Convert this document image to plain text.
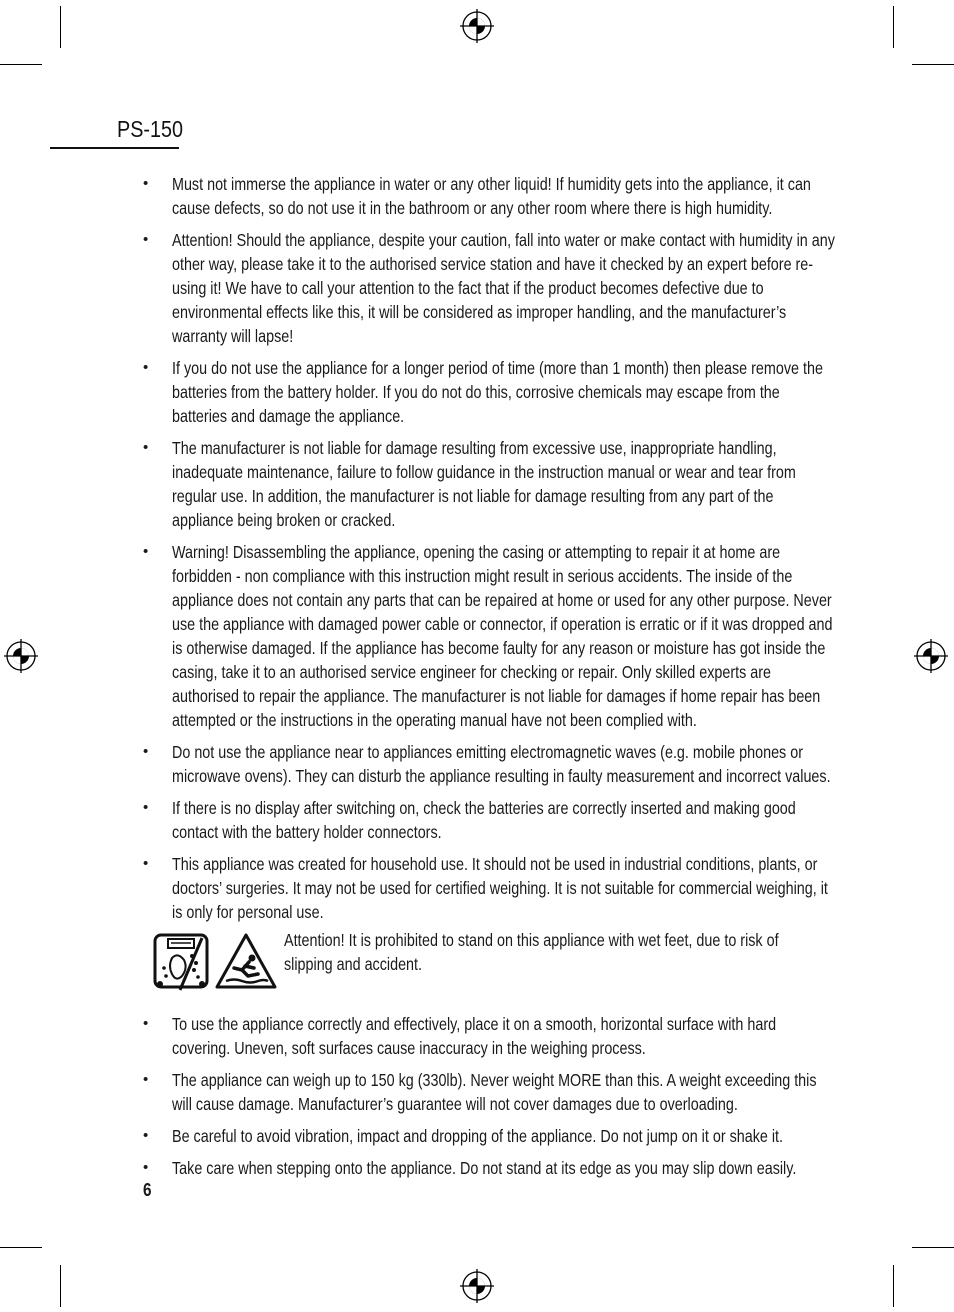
PS-150
• Must not immerse the appliance in water or any other liquid! If humidity gets into the appliance, it can cause defects, so do not use it in the bathroom or any other room where there is high humidity.
• Attention! Should the appliance, despite your caution, fall into water or make contact with humidity in any other way, please take it to the authorised service station and have it checked by an expert before re-using it! We have to call your attention to the fact that if the product becomes defective due to environmental effects like this, it will be considered as improper handling, and the manufacturer’s warranty will lapse!
• If you do not use the appliance for a longer period of time (more than 1 month) then please remove the batteries from the battery holder. If you do not do this, corrosive chemicals may escape from the batteries and damage the appliance.
• The manufacturer is not liable for damage resulting from excessive use, inappropriate handling, inadequate maintenance, failure to follow guidance in the instruction manual or wear and tear from regular use. In addition, the manufacturer is not liable for damage resulting from any part of the appliance being broken or cracked.
• Warning! Disassembling the appliance, opening the casing or attempting to repair it at home are forbidden - non compliance with this instruction might result in serious accidents. The inside of the appliance does not contain any parts that can be repaired at home or used for any other purpose. Never use the appliance with damaged power cable or connector, if operation is erratic or if it was dropped and is otherwise damaged. If the appliance has become faulty for any reason or moisture has got inside the casing, take it to an authorised service engineer for checking or repair. Only skilled experts are authorised to repair the appliance. The manufacturer is not liable for damages if home repair has been attempted or the instructions in the operating manual have not been complied with.
• Do not use the appliance near to appliances emitting electromagnetic waves (e.g. mobile phones or microwave ovens). They can disturb the appliance resulting in faulty measurement and incorrect values.
• If there is no display after switching on, check the batteries are correctly inserted and making good contact with the battery holder connectors.
• This appliance was created for household use. It should not be used in industrial conditions, plants, or doctors’ surgeries. It may not be used for certified weighing. It is not suitable for commercial weighing, it is only for personal use.
Attention! It is prohibited to stand on this appliance with wet feet, due to risk of slipping and accident.
• To use the appliance correctly and effectively, place it on a smooth, horizontal surface with hard covering. Uneven, soft surfaces cause inaccuracy in the weighing process.
• The appliance can weigh up to 150 kg (330lb). Never weight MORE than this. A weight exceeding this will cause damage. Manufacturer’s guarantee will not cover damages due to overloading.
• Be careful to avoid vibration, impact and dropping of the appliance. Do not jump on it or shake it.
• Take care when stepping onto the appliance. Do not stand at its edge as you may slip down easily.
6
